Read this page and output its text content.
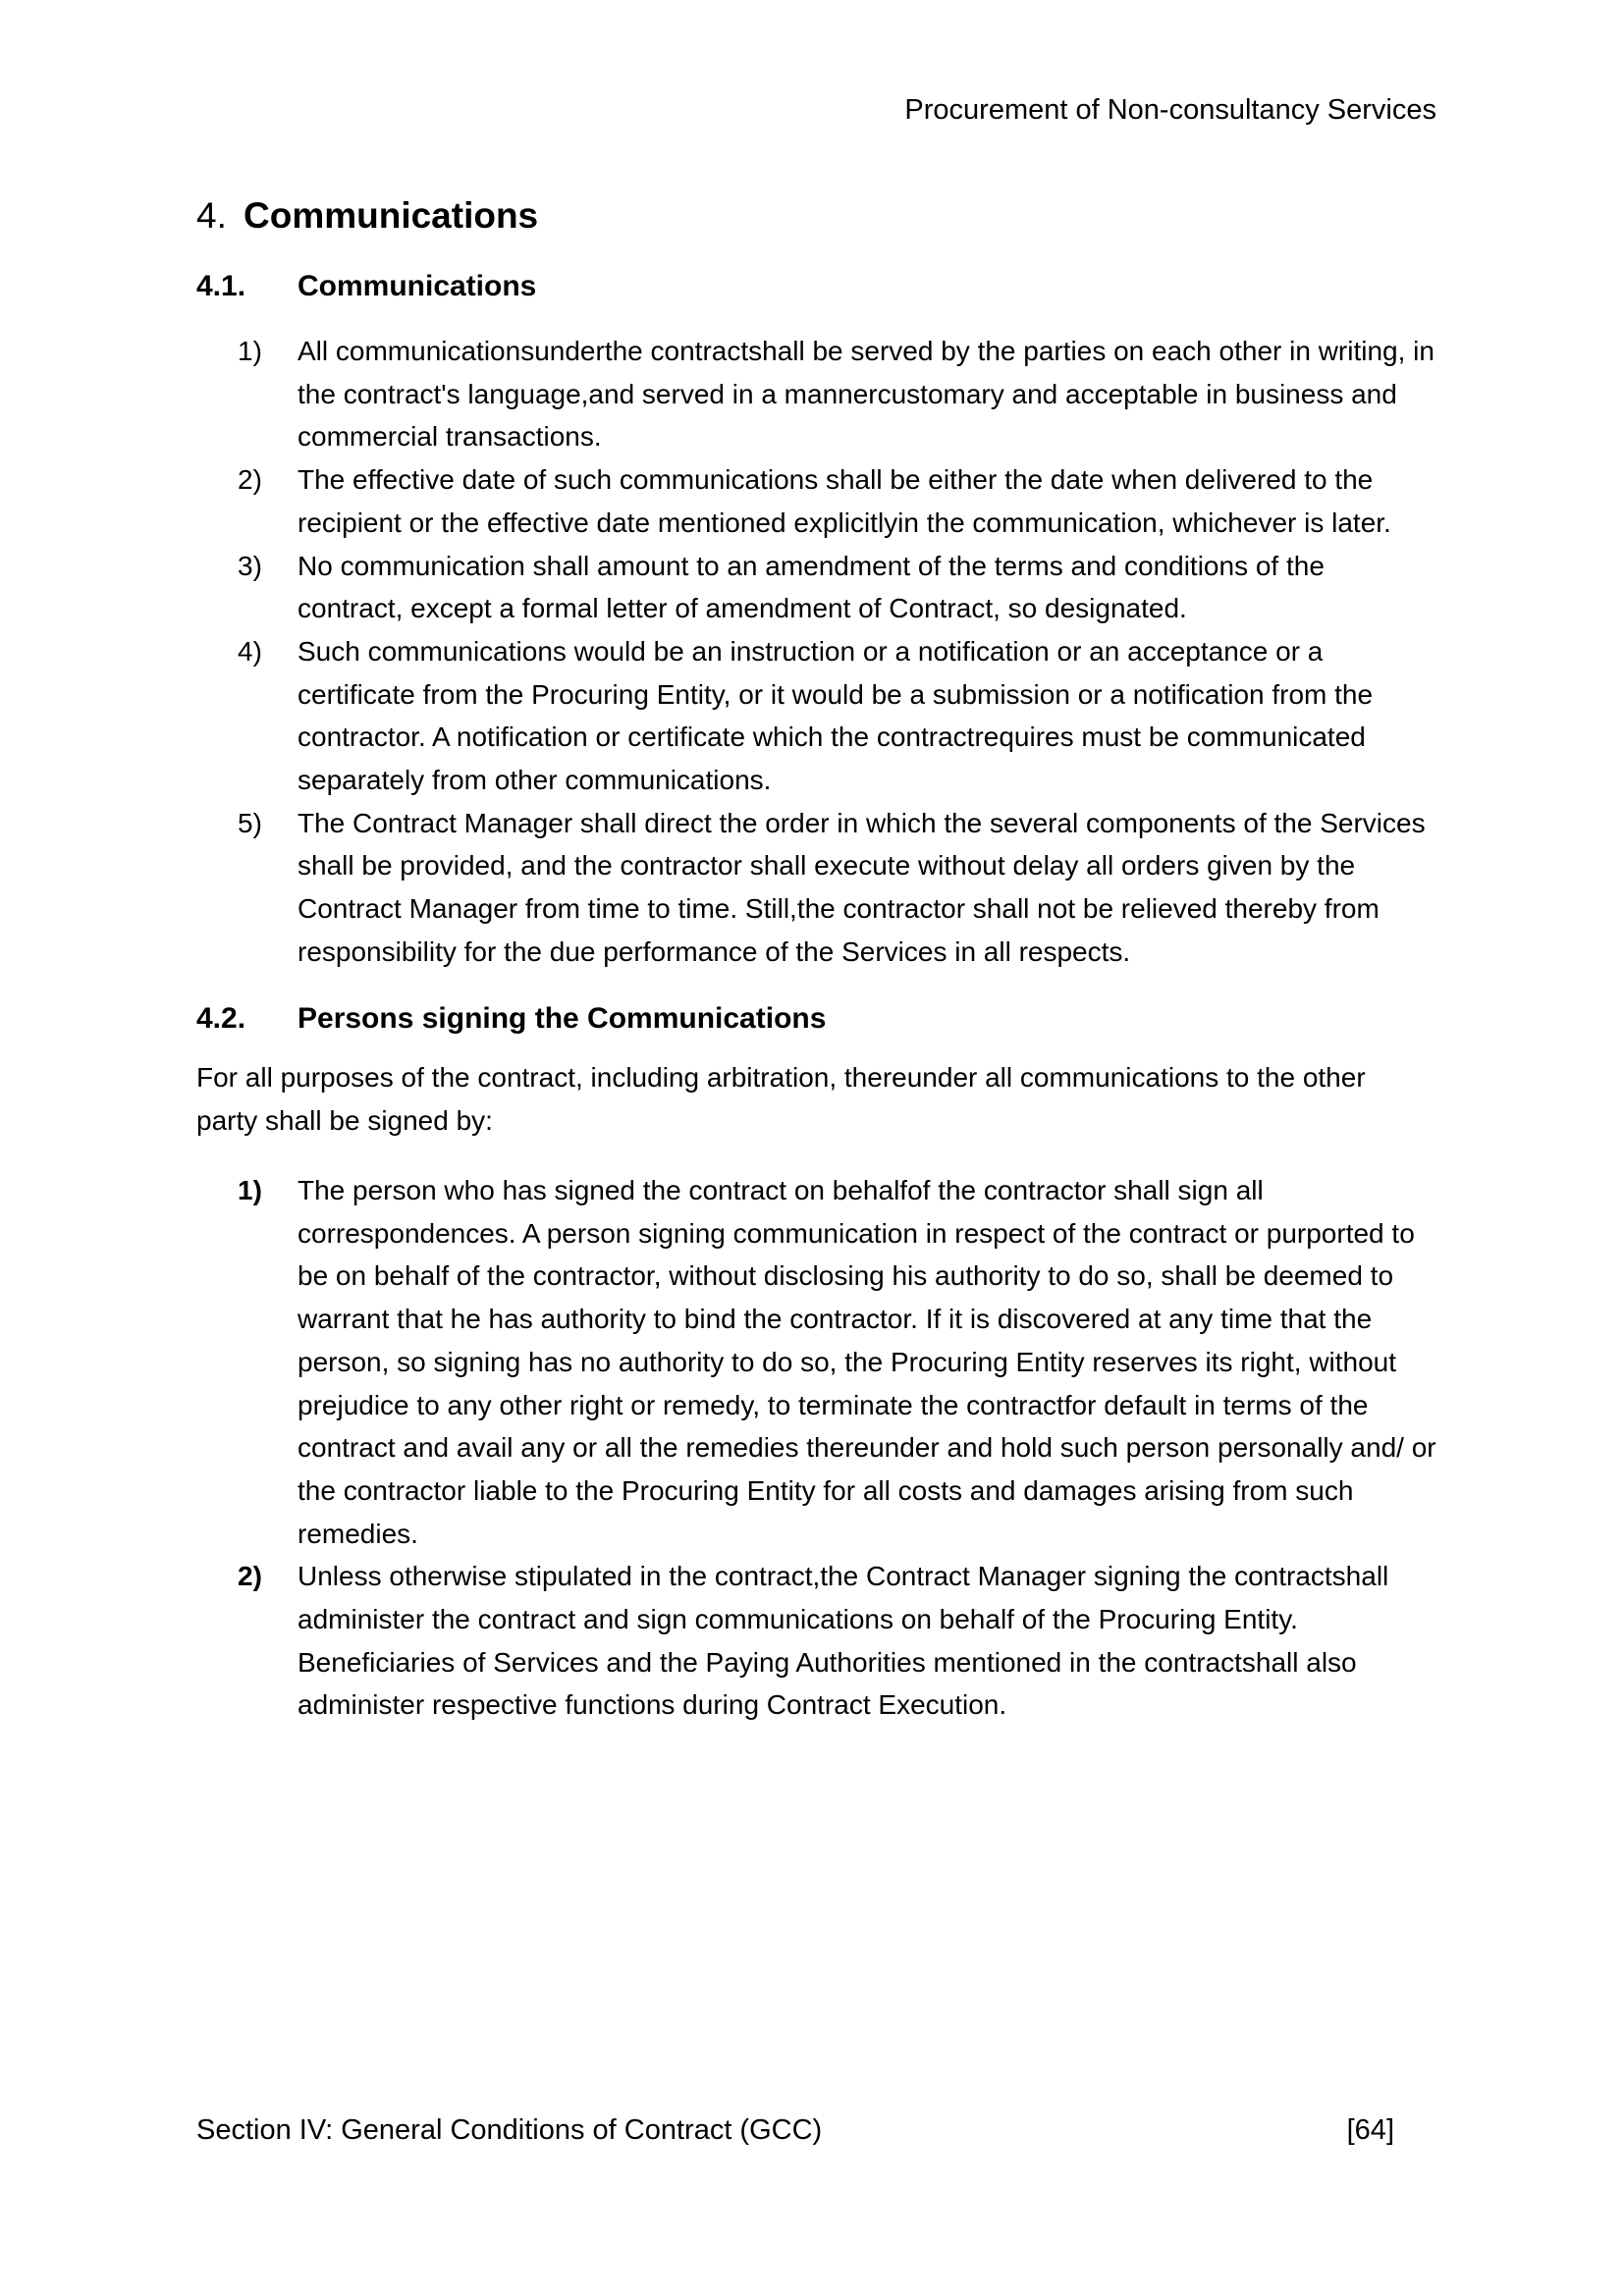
Procurement of Non-consultancy Services
4. Communications
4.1. Communications
1)	All communicationsunderthe contractshall be served by the parties on each other in writing, in the contract's language,and served in a mannercustomary and acceptable in business and commercial transactions.
2)	The effective date of such communications shall be either the date when delivered to the recipient or the effective date mentioned explicitlyin the communication, whichever is later.
3)	No communication shall amount to an amendment of the terms and conditions of the contract, except a formal letter of amendment of Contract, so designated.
4)	Such communications would be an instruction or a notification or an acceptance or a certificate from the Procuring Entity, or it would be a submission or a notification from the contractor. A notification or certificate which the contractrequires must be communicated separately from other communications.
5)	The Contract Manager shall direct the order in which the several components of the Services shall be provided, and the contractor shall execute without delay all orders given by the Contract Manager from time to time. Still,the contractor shall not be relieved thereby from responsibility for the due performance of the Services in all respects.
4.2. Persons signing the Communications

For all purposes of the contract, including arbitration, thereunder all communications to the other party shall be signed by:

1)	The person who has signed the contract on behalfof the contractor shall sign all correspondences. A person signing communication in respect of the contract or purported to be on behalf of the contractor, without disclosing his authority to do so, shall be deemed to warrant that he has authority to bind the contractor. If it is discovered at any time that the person, so signing has no authority to do so, the Procuring Entity reserves its right, without prejudice to any other right or remedy, to terminate the contractfor default in terms of the contract and avail any or all the remedies thereunder and hold such person personally and/ or the contractor liable to the Procuring Entity for all costs and damages arising from such remedies.
2)	Unless otherwise stipulated in the contract,the Contract Manager signing the contractshall administer the contract and sign communications on behalf of the Procuring Entity. Beneficiaries of Services and the Paying Authorities mentioned in the contractshall also administer respective functions during Contract Execution.
Section IV: General Conditions of Contract (GCC)	[64]
